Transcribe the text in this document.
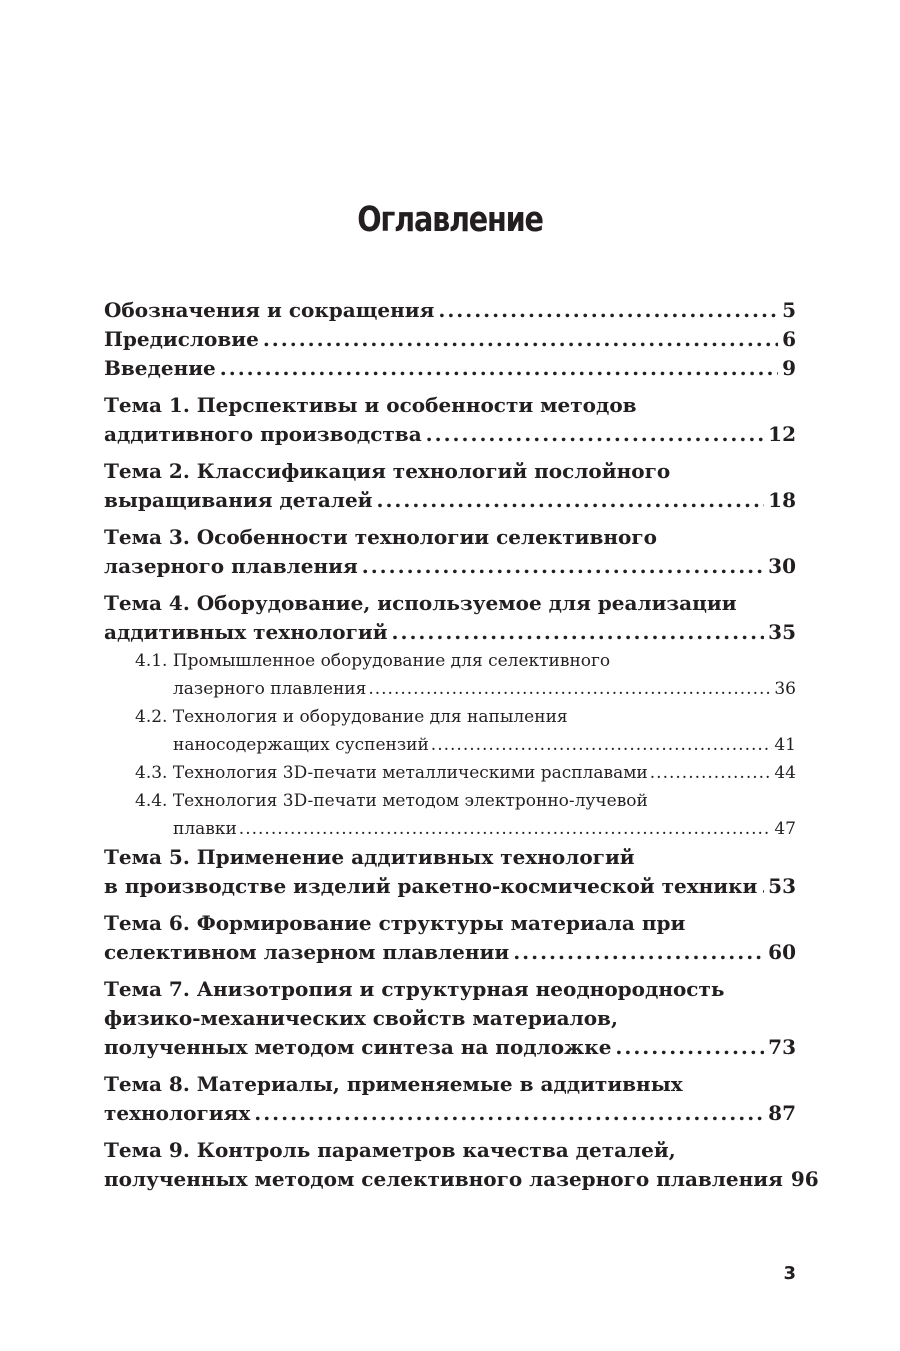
Оглавление
Обозначения и сокращения .....	5
Предисловие .....	6
Введение .....	9
Тема 1. Перспективы и особенности методов
аддитивного производства .....	12
Тема 2. Классификация технологий послойного
выращивания деталей .....	18
Тема 3. Особенности технологии селективного
лазерного плавления .....	30
Тема 4. Оборудование, используемое для реализации
аддитивных технологий .....	35
4.1. Промышленное оборудование для селективного
лазерного плавления .....	36
4.2. Технология и оборудование для напыления
наносодержащих суспензий .....	41
4.3. Технология 3D-печати металлическими расплавами .....	44
4.4. Технология 3D-печати методом электронно-лучевой
плавки .....	47
Тема 5. Применение аддитивных технологий
в производстве изделий ракетно-космической техники ..... 53
Тема 6. Формирование структуры материала при
селективном лазерном плавлении .....	60
Тема 7. Анизотропия и структурная неоднородность
физико-механических свойств материалов,
полученных методом синтеза на подложке .....	73
Тема 8. Материалы, применяемые в аддитивных
технологиях .....	87
Тема 9. Контроль параметров качества деталей,
полученных методом селективного лазерного плавления 96
3
